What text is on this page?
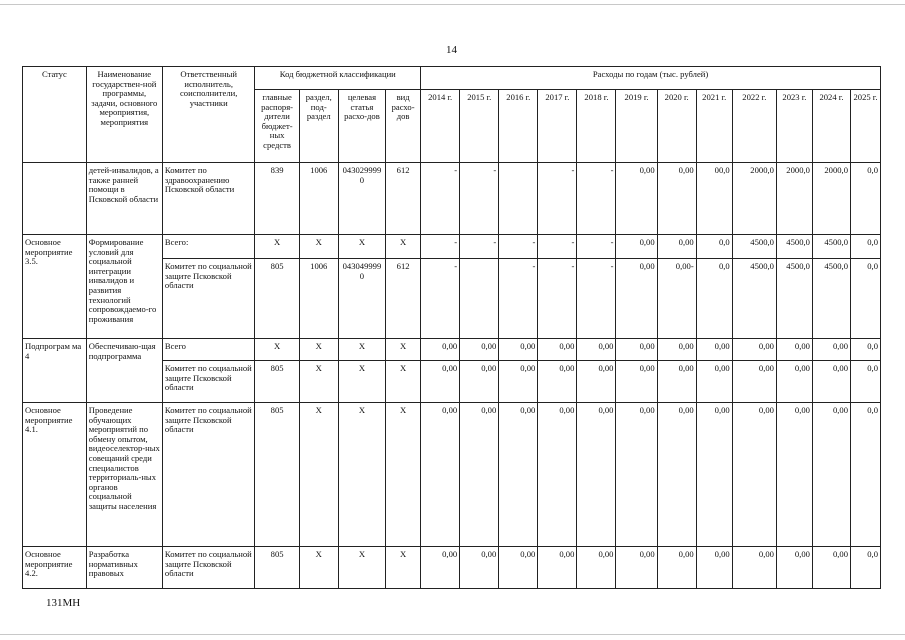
14
Статус	Наименование государствен-ной программы, задачи, основного мероприятия, мероприятия	Ответственный исполнитель, соисполнители, участники	Код бюджетной классификации				Расходы по годам (тыс. рублей)											
			главные распоря-дители бюджет-ных средств	раздел, под-раздел	целевая статья расхо-дов	вид расхо-дов	2014 г.	2015 г.	2016 г.	2017 г.	2018 г.	2019 г.	2020 г.	2021 г.	2022 г.	2023 г.	2024 г.	2025 г.
	детей-инвалидов, а также ранней помощи в Псковской области	Комитет по здравоохранению Псковской области	839	1006	043029999 0	612	-	-		-	-	0,00	0,00	00,0	2000,0	2000,0	2000,0	0,0
Основное мероприятие 3.5.	Формирование условий для социальной интеграции инвалидов и развития технологий сопровождаемо-го проживания	Всего:	X	X	X	X	-	-	-	-	-	0,00	0,00	0,0	4500,0	4500,0	4500,0	0,0
		Комитет по социальной защите Псковской области	805	1006	043049999 0	612	-		-	-	-	0,00	0,00-	0,0	4500,0	4500,0	4500,0	0,0
Подпрограм ма 4	Обеспечиваю-щая подпрограмма	Всего	X	X	X	X	0,00	0,00	0,00	0,00	0,00	0,00	0,00	0,00	0,00	0,00	0,00	0,0
		Комитет по социальной защите Псковской области	805	X	X	X	0,00	0,00	0,00	0,00	0,00	0,00	0,00	0,00	0,00	0,00	0,00	0,0
Основное мероприятие 4.1.	Проведение обучающих мероприятий по обмену опытом, видеоселектор-ных совещаний среди специалистов территориаль-ных органов социальной защиты населения	Комитет по социальной защите Псковской области	805	X	X	X	0,00	0,00	0,00	0,00	0,00	0,00	0,00	0,00	0,00	0,00	0,00	0,0
Основное мероприятие 4.2.	Разработка нормативных правовых	Комитет по социальной защите Псковской области	805	X	X	X	0,00	0,00	0,00	0,00	0,00	0,00	0,00	0,00	0,00	0,00	0,00	0,0
131МН
